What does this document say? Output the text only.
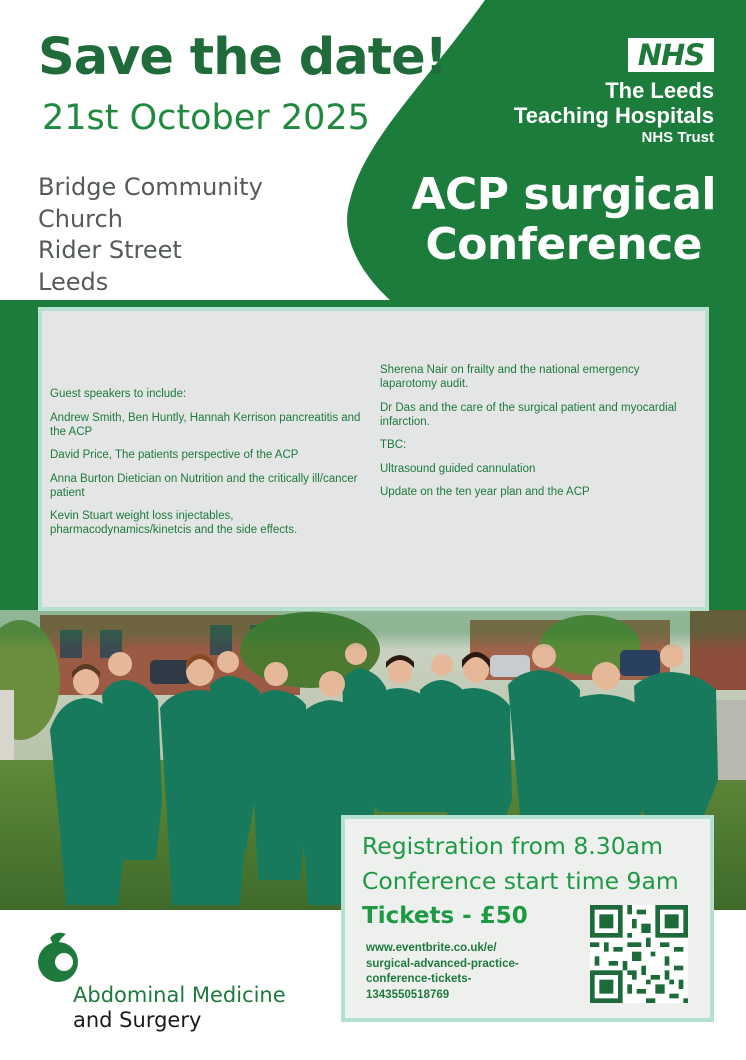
Save the date!
21st October 2025
Bridge Community
Church
Rider Street
Leeds
NHS
The Leeds
Teaching Hospitals
NHS Trust
ACP surgical
Conference

Guest speakers to include:

Andrew Smith, Ben Huntly, Hannah Kerrison pancreatitis and the ACP

David Price, The patients perspective of the ACP

Anna Burton Dietician on Nutrition and the critically ill/cancer patient

Kevin Stuart weight loss injectables, pharmacodynamics/kinetcis and the side effects.

Sherena Nair on frailty and the national emergency laparotomy audit.

Dr Das and the care of the surgical patient and myocardial infarction.

TBC:

Ultrasound guided cannulation

Update on the ten year plan and the ACP

Registration from 8.30am
Conference start time 9am
Tickets - £50
www.eventbrite.co.uk/e/
surgical-advanced-practice-
conference-tickets-
1343550518769
Abdominal Medicine
and Surgery
